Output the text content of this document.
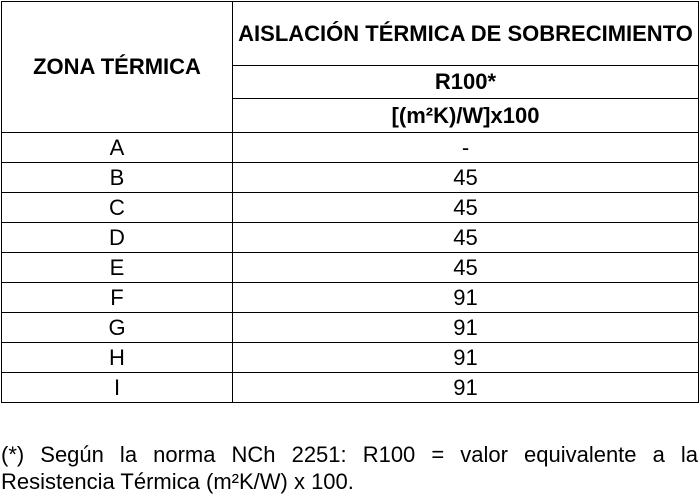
ZONA TÉRMICA	AISLACIÓN TÉRMICA DE SOBRECIMIENTO
	R100*
	[(m²K)/W]x100
A	-
B	45
C	45
D	45
E	45
F	91
G	91
H	91
I	91
(*) Según la norma NCh 2251: R100 = valor equivalente a la Resistencia Térmica (m²K/W) x 100.
